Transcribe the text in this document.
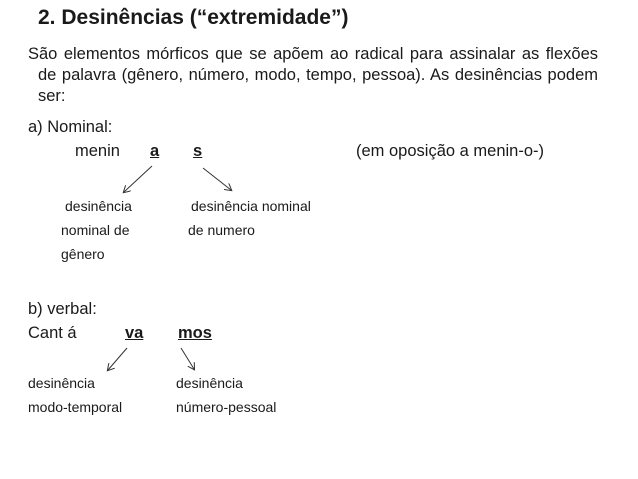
2. Desinências (“extremidade”)
São elementos mórficos que se apõem ao radical para assinalar as flexões de palavra (gênero, número, modo, tempo, pessoa). As desinências podem ser:
a) Nominal:
menin a s	(em oposição a menin-o-)
desinência
nominal de
gênero
desinência nominal
de numero
b) verbal:
Cant á	va mos
desinência
modo-temporal
desinência
número-pessoal
